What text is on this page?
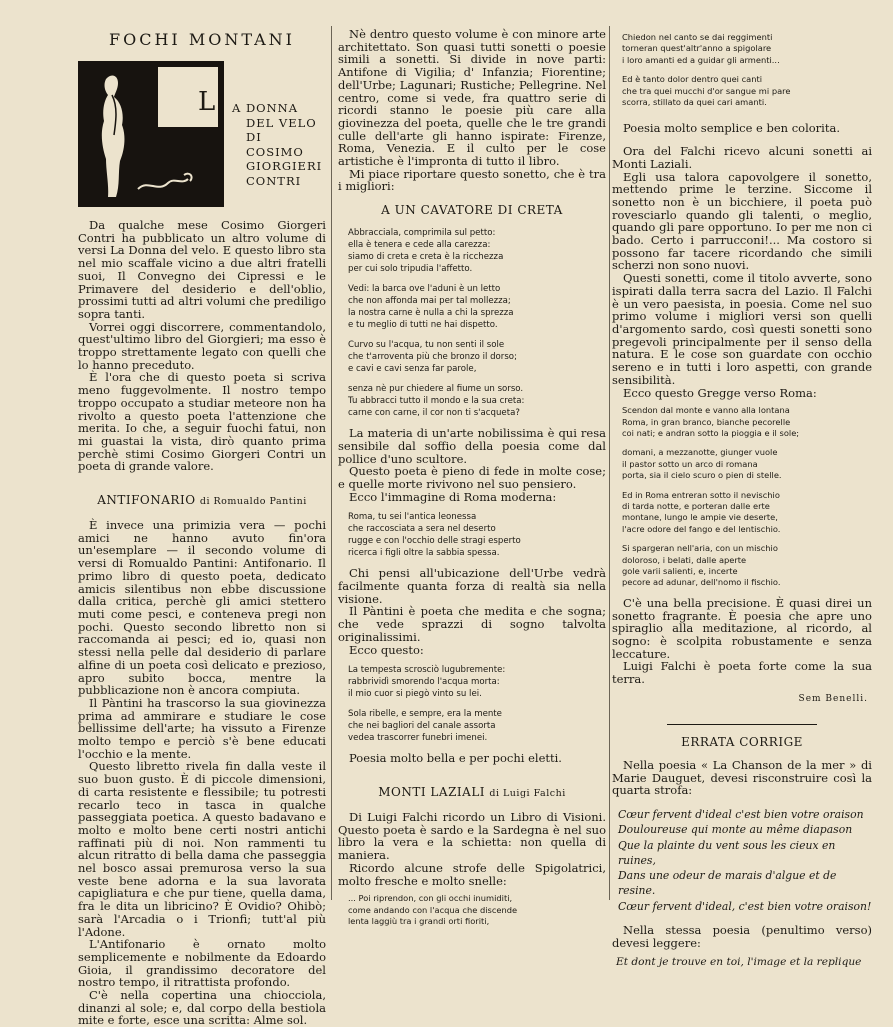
FOCHI MONTANI
L A DONNA
DEL VELO
DI
COSIMO
GIORGIERI
CONTRI

Da qualche mese Cosimo Giorgeri Contri ha pubblicato un altro volume di versi La Donna del velo. E questo libro sta nel mio scaffale vicino a due altri fratelli suoi, Il Convegno dei Cipressi e le Primavere del desiderio e dell'oblio, prossimi tutti ad altri volumi che prediligo sopra tanti.

Vorrei oggi discorrere, commentandolo, quest'ultimo libro del Giorgieri; ma esso è troppo strettamente legato con quelli che lo hanno preceduto.

È l'ora che di questo poeta si scriva meno fuggevolmente. Il nostro tempo troppo occupato a studiar meteore non ha rivolto a questo poeta l'attenzione che merita. Io che, a seguir fuochi fatui, non mi guastai la vista, dirò quanto prima perchè stimi Cosimo Giorgeri Contri un poeta di grande valore.

ANTIFONARIO di Romualdo Pantini

È invece una primizia vera — pochi amici ne hanno avuto fin'ora un'esemplare — il secondo volume di versi di Romualdo Pantini: Antifonario. Il primo libro di questo poeta, dedicato amicis silentibus non ebbe discussione dalla critica, perchè gli amici stettero muti come pesci, e conteneva pregi non pochi. Questo secondo libretto non si raccomanda ai pesci; ed io, quasi non stessi nella pelle dal desiderio di parlare alfine di un poeta così delicato e prezioso, apro subito bocca, mentre la pubblicazione non è ancora compiuta.

Il Pàntini ha trascorso la sua giovinezza prima ad ammirare e studiare le cose bellissime dell'arte; ha vissuto a Firenze molto tempo e perciò s'è bene educati l'occhio e la mente.

Questo libretto rivela fin dalla veste il suo buon gusto. È di piccole dimensioni, di carta resistente e flessibile; tu potresti recarlo teco in tasca in qualche passeggiata poetica. A questo badavano e molto e molto bene certi nostri antichi raffinati più di noi. Non rammenti tu alcun ritratto di bella dama che passeggia nel bosco assai premurosa verso la sua veste bene adorna e la sua lavorata capigliatura e che pur tiene, quella dama, fra le dita un libricino? È Ovidio? Ohibò; sarà l'Arcadia o i Trionfi; tutt'al più l'Adone.

L'Antifonario è ornato molto semplicemente e nobilmente da Edoardo Gioia, il grandissimo decoratore del nostro tempo, il ritrattista profondo.

C'è nella copertina una chiocciola, dinanzi al sole; e, dal corpo della bestiola mite e forte, esce una scritta: Alme sol.

Nè dentro questo volume è con minore arte architettato. Son quasi tutti sonetti o poesie simili a sonetti. Si divide in nove parti: Antifone di Vigilia; d' Infanzia; Fiorentine; dell'Urbe; Lagunari; Rustiche; Pellegrine. Nel centro, come si vede, fra quattro serie di ricordi stanno le poesie più care alla giovinezza del poeta, quelle che le tre grandi culle dell'arte gli hanno ispirate: Firenze, Roma, Venezia. E il culto per le cose artistiche è l'impronta di tutto il libro.

Mi piace riportare questo sonetto, che è tra i migliori:

A UN CAVATORE DI CRETA
Abbracciala, comprimila sul petto:
ella è tenera e cede alla carezza:
siamo di creta e creta è la ricchezza
per cui solo tripudia l'affetto.
Vedi: la barca ove l'aduni è un letto
che non affonda mai per tal mollezza;
la nostra carne è nulla a chi la sprezza
e tu meglio di tutti ne hai dispetto.
Curvo su l'acqua, tu non senti il sole
che t'arroventa più che bronzo il dorso;
e cavi e cavi senza far parole,
senza nè pur chiedere al fiume un sorso.
Tu abbracci tutto il mondo e la sua creta:
carne con carne, il cor non ti s'acqueta?

La materia di un'arte nobilissima è qui resa sensibile dal soffio della poesia come dal pollice d'uno scultore.

Questo poeta è pieno di fede in molte cose; e quelle morte rivivono nel suo pensiero.

Ecco l'immagine di Roma moderna:

Roma, tu sei l'antica leonessa
che raccosciata a sera nel deserto
rugge e con l'occhio delle stragi esperto
ricerca i figli oltre la sabbia spessa.

Chi pensi all'ubicazione dell'Urbe vedrà facilmente quanta forza di realtà sia nella visione.

Il Pàntini è poeta che medita e che sogna; che vede sprazzi di sogno talvolta originalissimi.

Ecco questo:

La tempesta scrosciò lugubremente:
rabbrividì smorendo l'acqua morta:
il mio cuor si piegò vinto su lei.
Sola ribelle, e sempre, era la mente
che nei bagliori del canale assorta
vedea trascorrer funebri imenei.

Poesia molto bella e per pochi eletti.

MONTI LAZIALI di Luigi Falchi

Di Luigi Falchi ricordo un Libro di Visioni. Questo poeta è sardo e la Sardegna è nel suo libro la vera e la schietta: non quella di maniera.

Ricordo alcune strofe delle Spigolatrici, molto fresche e molto snelle:

... Poi riprendon, con gli occhi inumiditi,
come andando con l'acqua che discende
lenta laggiù tra i grandi orti fioriti,
Chiedon nel canto se dai reggimenti
torneran quest'altr'anno a spigolare
i loro amanti ed a guidar gli armenti...
Ed è tanto dolor dentro quei canti
che tra quei mucchi d'or sangue mi pare
scorra, stillato da quei cari amanti.

Poesia molto semplice e ben colorita.

Ora del Falchi ricevo alcuni sonetti ai Monti Laziali.

Egli usa talora capovolgere il sonetto, mettendo prime le terzine. Siccome il sonetto non è un bicchiere, il poeta può rovesciarlo quando gli talenti, o meglio, quando gli pare opportuno. Io per me non ci bado. Certo i parrucconi!... Ma costoro si possono far tacere ricordando che simili scherzi non sono nuovi.

Questi sonetti, come il titolo avverte, sono ispirati dalla terra sacra del Lazio. Il Falchi è un vero paesista, in poesia. Come nel suo primo volume i migliori versi son quelli d'argomento sardo, così questi sonetti sono pregevoli principalmente per il senso della natura. E le cose son guardate con occhio sereno e in tutti i loro aspetti, con grande sensibilità.

Ecco questo Gregge verso Roma:

Scendon dal monte e vanno alla lontana
Roma, in gran branco, bianche pecorelle
coi nati; e andran sotto la pioggia e il sole;
domani, a mezzanotte, giunger vuole
il pastor sotto un arco di romana
porta, sia il cielo scuro o pien di stelle.
Ed in Roma entreran sotto il nevischio
di tarda notte, e porteran dalle erte
montane, lungo le ampie vie deserte,
l'acre odore del fango e del lentischio.
Si spargeran nell'aria, con un mischio
doloroso, i belati, dalle aperte
gole varii salienti, e, incerte
pecore ad adunar, dell'nomo il fischio.

C'è una bella precisione. È quasi direi un sonetto fragrante. È poesia che apre uno spiraglio alla meditazione, al ricordo, al sogno: è scolpita robustamente e senza leccature.

Luigi Falchi è poeta forte come la sua terra.

Sem Benelli.
ERRATA CORRIGE

Nella poesia « La Chanson de la mer » di Marie Dauguet, devesi risconstruire così la quarta strofa:

Cœur fervent d'ideal c'est bien votre oraison
Douloureuse qui monte au même diapason
Que la plainte du vent sous les cieux en ruines,
Dans une odeur de marais d'algue et de resine.
Cœur fervent d'ideal, c'est bien votre oraison!

Nella stessa poesia (penultimo verso) devesi leggere:

Et dont je trouve en toi, l'image et la replique
